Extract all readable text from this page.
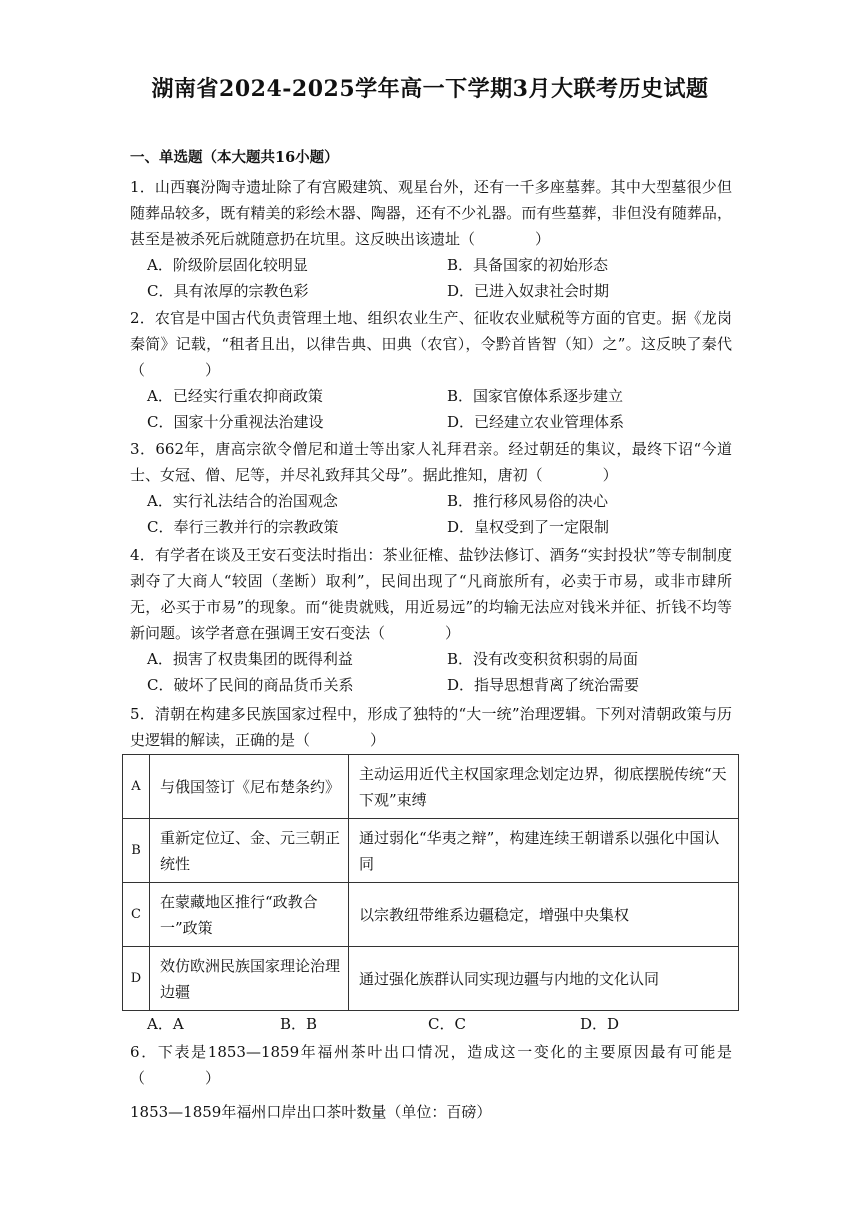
湖南省2024-2025学年高一下学期3月大联考历史试题
一、单选题（本大题共16小题）

1．山西襄汾陶寺遗址除了有宫殿建筑、观星台外，还有一千多座墓葬。其中大型墓很少但随葬品较多，既有精美的彩绘木器、陶器，还有不少礼器。而有些墓葬，非但没有随葬品，甚至是被杀死后就随意扔在坑里。这反映出该遗址（　　　　）

A．阶级阶层固化较明显	B．具备国家的初始形态
C．具有浓厚的宗教色彩	D．已进入奴隶社会时期

2．农官是中国古代负责管理土地、组织农业生产、征收农业赋税等方面的官吏。据《龙岗秦简》记载，“租者且出，以律告典、田典（农官），令黔首皆智（知）之”。这反映了秦代（　　　　）

A．已经实行重农抑商政策	B．国家官僚体系逐步建立
C．国家十分重视法治建设	D．已经建立农业管理体系

3．662年，唐高宗欲令僧尼和道士等出家人礼拜君亲。经过朝廷的集议，最终下诏“今道士、女冠、僧、尼等，并尽礼致拜其父母”。据此推知，唐初（　　　　）

A．实行礼法结合的治国观念	B．推行移风易俗的决心
C．奉行三教并行的宗教政策	D．皇权受到了一定限制

4．有学者在谈及王安石变法时指出：茶业征榷、盐钞法修订、酒务“实封投状”等专制制度剥夺了大商人“较固（垄断）取利”，民间出现了“凡商旅所有，必卖于市易，或非市肆所无，必买于市易”的现象。而“徙贵就贱，用近易远”的均输无法应对钱米并征、折钱不均等新问题。该学者意在强调王安石变法（　　　　）

A．损害了权贵集团的既得利益	B．没有改变积贫积弱的局面
C．破坏了民间的商品货币关系	D．指导思想背离了统治需要

5．清朝在构建多民族国家过程中，形成了独特的“大一统”治理逻辑。下列对清朝政策与历史逻辑的解读，正确的是（　　　　）

A	与俄国签订《尼布楚条约》	主动运用近代主权国家理念划定边界，彻底摆脱传统“天下观”束缚
B	重新定位辽、金、元三朝正统性	通过弱化“华夷之辩”，构建连续王朝谱系以强化中国认同
C	在蒙藏地区推行“政教合一”政策	以宗教纽带维系边疆稳定，增强中央集权
D	效仿欧洲民族国家理论治理边疆	通过强化族群认同实现边疆与内地的文化认同
A．A	B．B	C．C	D．D

6．下表是1853—1859年福州茶叶出口情况，造成这一变化的主要原因最有可能是（　　　　）

1853—1859年福州口岸出口茶叶数量（单位：百磅）
